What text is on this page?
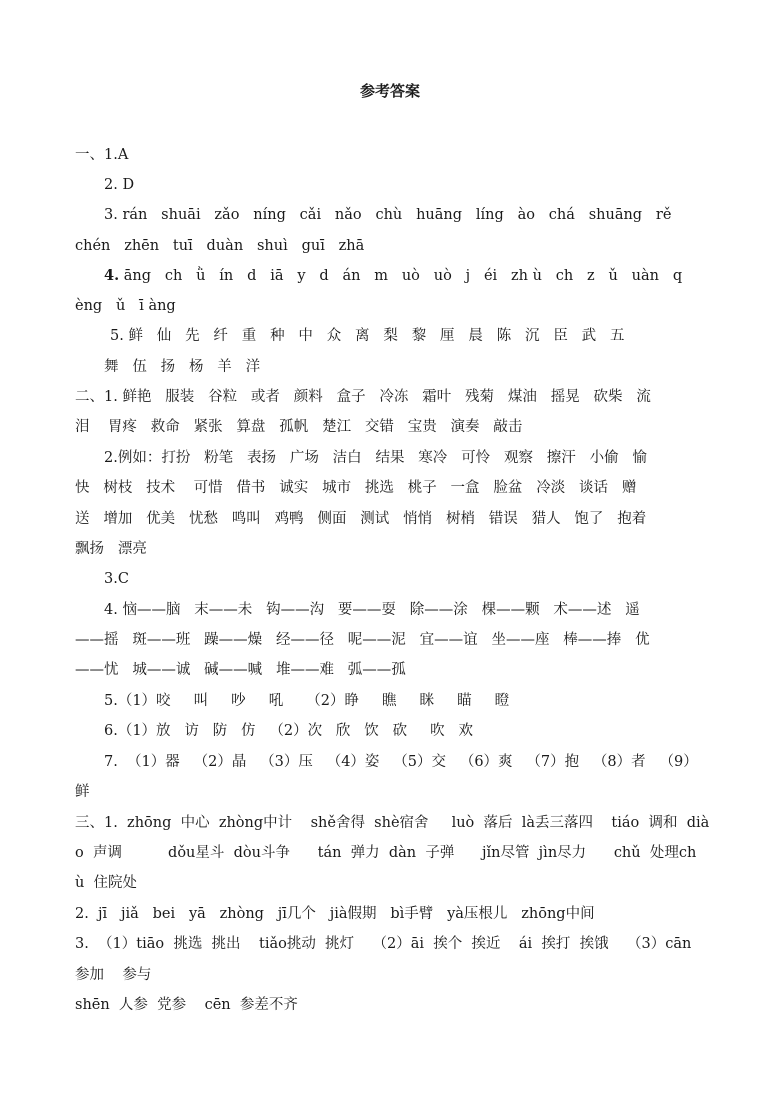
参考答案
一、1.A
2. D
3. rán   shuāi   zǎo   níng   cǎi   nǎo   chù   huāng   líng   ào   chá   shuāng   rě
chén   zhēn   tuī   duàn   shuì   guī   zhā
4. āng   ch   ǜ   ín   d   iā   y   d   án   m   uò   uò   j   éi   zh ù   ch   z   ǔ   uàn   q
èng   ǔ   ī àng
5. 鲜   仙   先   纤   重   种   中   众   离   梨   黎   厘   晨   陈   沉   臣   武   五
舞   伍   扬   杨   羊   洋
二、1. 鲜艳   服装   谷粒   或者   颜料   盒子   冷冻   霜叶   残菊   煤油   摇晃   砍柴   流
泪    胃疼   救命   紧张   算盘   孤帆   楚江   交错   宝贵   演奏   敲击
2.例如：打扮   粉笔   表扬   广场   洁白   结果   寒冷   可怜   观察   擦汗   小偷   愉
快   树枝   技术    可惜   借书   诚实   城市   挑选   桃子   一盒   脸盆   冷淡   谈话   赠
送   增加   优美   忧愁   鸣叫   鸡鸭   侧面   测试   悄悄   树梢   错误   猎人   饱了   抱着
飘扬   漂亮
3.C
4. 恼——脑   末——未   钩——沟   要——耍   除——涂   棵——颗   术——述   遥
——摇   斑——班   躁——燥   经——径   呢——泥   宜——谊   坐——座   棒——捧   优
——忧   城——诚   碱——喊   堆——难   弧——孤
5.（1）咬     叫     吵     吼     （2）睁     瞧     眯     瞄     瞪
6.（1）放   访   防   仿   （2）次   欣   饮   砍     吹   欢
7.  （1）器   （2）晶   （3）压   （4）姿   （5）交   （6）爽   （7）抱   （8）者   （9）
鲜
三、1.  zhōng  中心  zhòng中计    shě舍得  shè宿舍     luò  落后  là丢三落四    tiáo  调和  dià
o  声调          dǒu星斗  dòu斗争      tán  弹力  dàn  子弹      jǐn尽管  jìn尽力      chǔ  处理ch
ù  住院处
2.  jī   jiǎ   bei   yā   zhòng   jī几个   jià假期   bì手臂   yà压根儿   zhōng中间
3.  （1）tiāo  挑选  挑出    tiǎo挑动  挑灯    （2）āi  挨个  挨近    ái  挨打  挨饿    （3）cān
参加    参与
shēn  人参  党参    cēn  参差不齐
